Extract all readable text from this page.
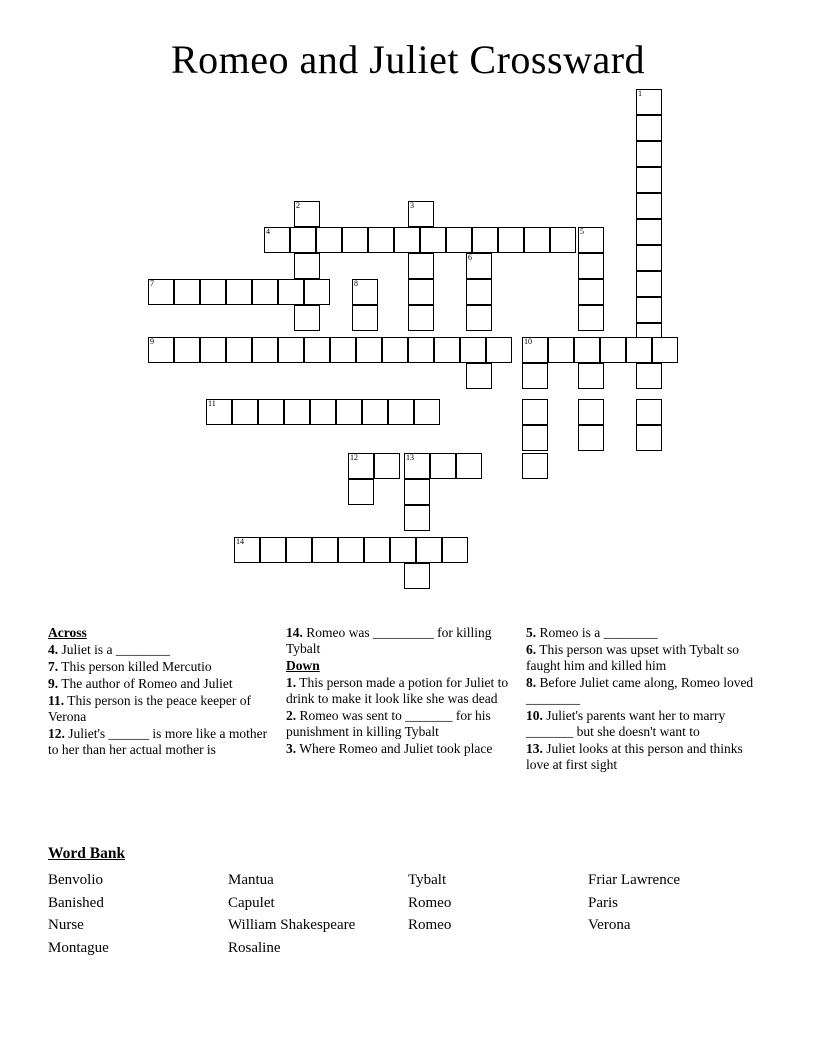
Romeo and Juliet Crossward
1
2	3
4	5
6
7	8
9	10
11
12	13
14
Across

4. Juliet is a ________

7. This person killed Mercutio

9. The author of Romeo and Juliet

11. This person is the peace keeper of Verona

12. Juliet's ______ is more like a mother to her than her actual mother is

14. Romeo was _________ for killing Tybalt

Down

1. This person made a potion for Juliet to drink to make it look like she was dead

2. Romeo was sent to _______ for his punishment in killing Tybalt

3. Where Romeo and Juliet took place

5. Romeo is a ________

6. This person was upset with Tybalt so faught him and killed him

8. Before Juliet came along, Romeo loved ________

10. Juliet's parents want her to marry _______ but she doesn't want to

13. Juliet looks at this person and thinks love at first sight

Word Bank
Benvolio
Banished
Nurse
Montague
Mantua
Capulet
William Shakespeare
Rosaline
Tybalt
Romeo
Romeo
Friar Lawrence
Paris
Verona
